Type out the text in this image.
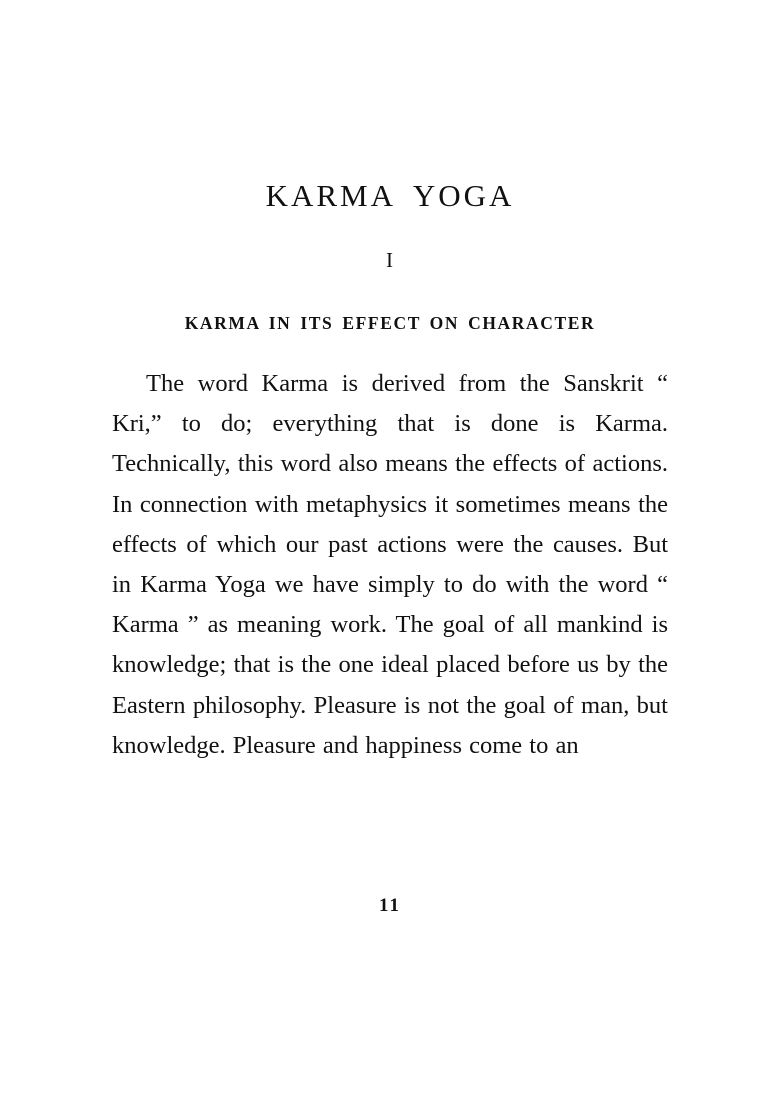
KARMA YOGA
I
KARMA IN ITS EFFECT ON CHARACTER

The word Karma is derived from the Sanskrit “ Kri,” to do; everything that is done is Karma. Technically, this word also means the effects of actions. In connection with metaphysics it sometimes means the effects of which our past actions were the causes. But in Karma Yoga we have simply to do with the word “ Karma ” as meaning work. The goal of all mankind is knowledge; that is the one ideal placed before us by the Eastern philosophy. Pleasure is not the goal of man, but knowledge. Pleasure and happiness come to an

11
